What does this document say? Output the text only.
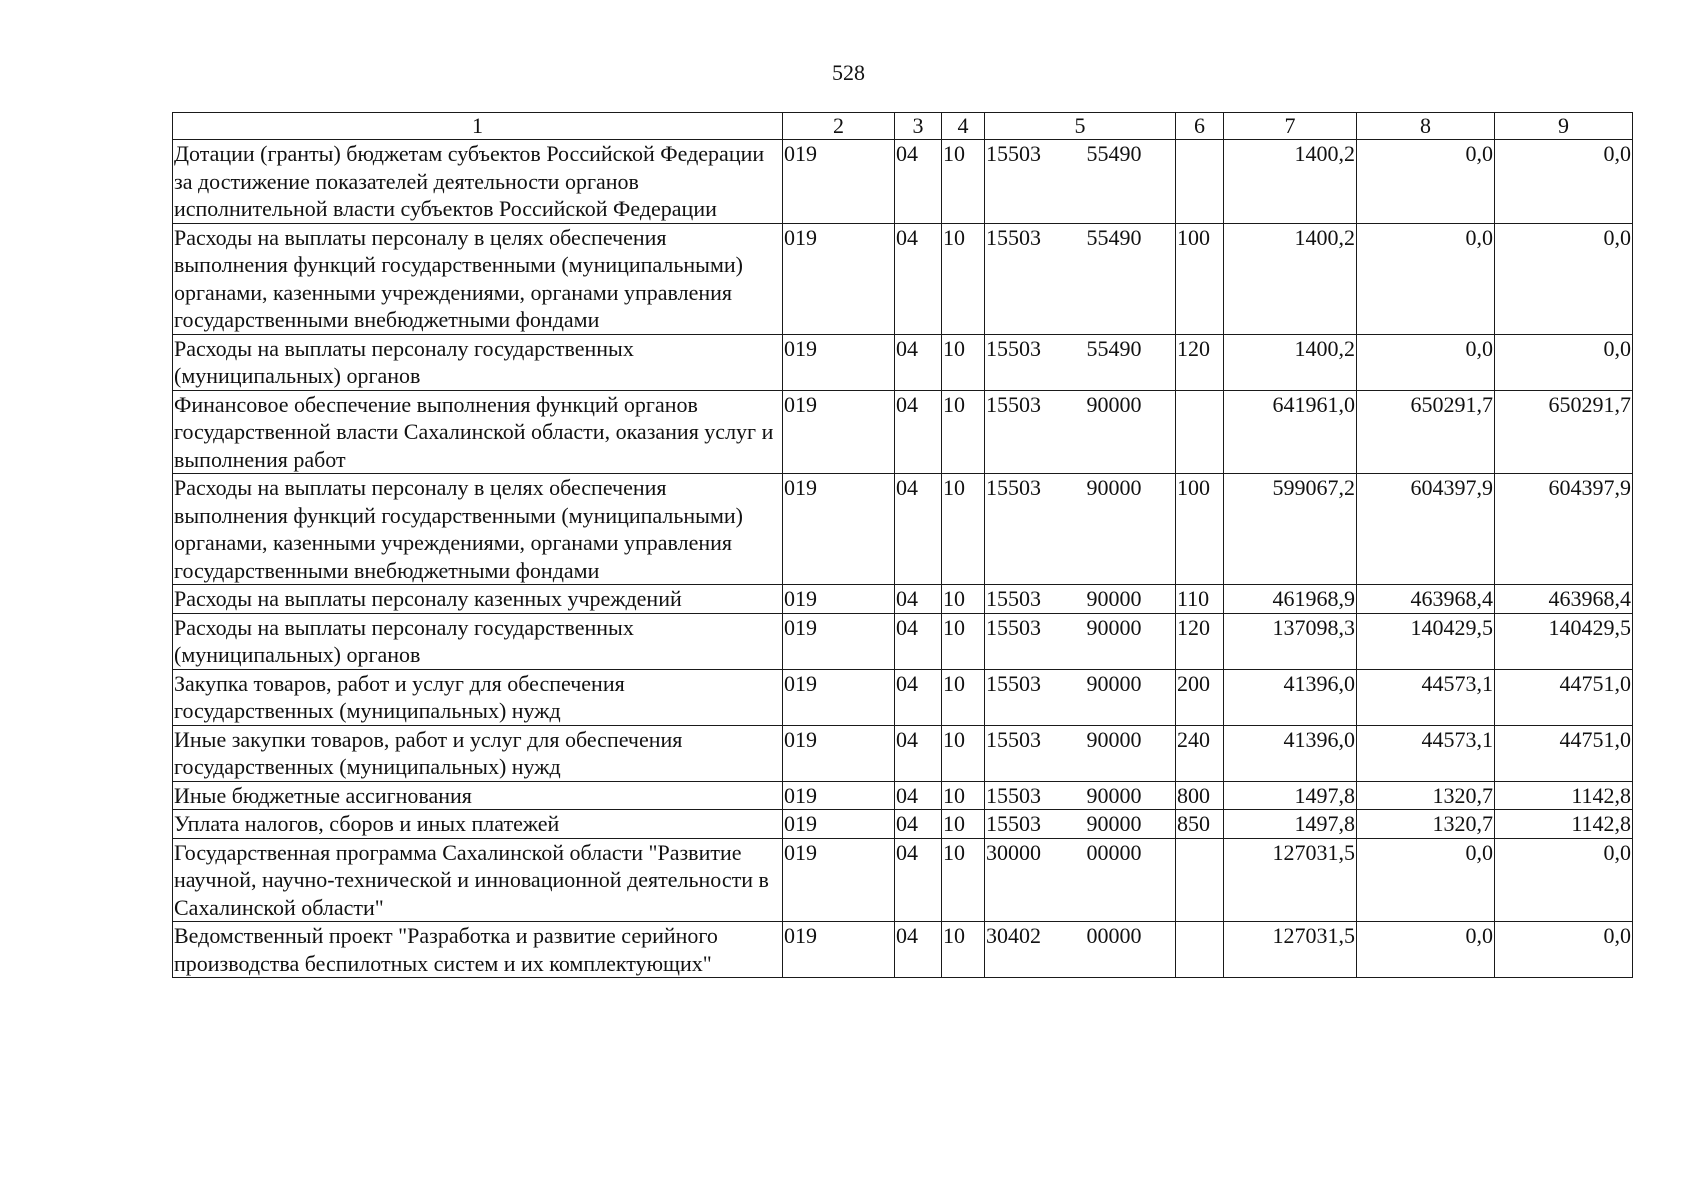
528
1	2	3	4	5	6	7	8	9
Дотации (гранты) бюджетам субъектов Российской Федерации за достижение показателей деятельности органов исполнительной власти субъектов Российской Федерации	019	04	10	15503 55490		1400,2	0,0	0,0
Расходы на выплаты персоналу в целях обеспечения выполнения функций государственными (муниципальными) органами, казенными учреждениями, органами управления государственными внебюджетными фондами	019	04	10	15503 55490	100	1400,2	0,0	0,0
Расходы на выплаты персоналу государственных (муниципальных) органов	019	04	10	15503 55490	120	1400,2	0,0	0,0
Финансовое обеспечение выполнения функций органов государственной власти Сахалинской области, оказания услуг и выполнения работ	019	04	10	15503 90000		641961,0	650291,7	650291,7
Расходы на выплаты персоналу в целях обеспечения выполнения функций государственными (муниципальными) органами, казенными учреждениями, органами управления государственными внебюджетными фондами	019	04	10	15503 90000	100	599067,2	604397,9	604397,9
Расходы на выплаты персоналу казенных учреждений	019	04	10	15503 90000	110	461968,9	463968,4	463968,4
Расходы на выплаты персоналу государственных (муниципальных) органов	019	04	10	15503 90000	120	137098,3	140429,5	140429,5
Закупка товаров, работ и услуг для обеспечения государственных (муниципальных) нужд	019	04	10	15503 90000	200	41396,0	44573,1	44751,0
Иные закупки товаров, работ и услуг для обеспечения государственных (муниципальных) нужд	019	04	10	15503 90000	240	41396,0	44573,1	44751,0
Иные бюджетные ассигнования	019	04	10	15503 90000	800	1497,8	1320,7	1142,8
Уплата налогов, сборов и иных платежей	019	04	10	15503 90000	850	1497,8	1320,7	1142,8
Государственная программа Сахалинской области "Развитие научной, научно-технической и инновационной деятельности в Сахалинской области"	019	04	10	30000 00000		127031,5	0,0	0,0
Ведомственный проект "Разработка и развитие серийного производства беспилотных систем и их комплектующих"	019	04	10	30402 00000		127031,5	0,0	0,0
